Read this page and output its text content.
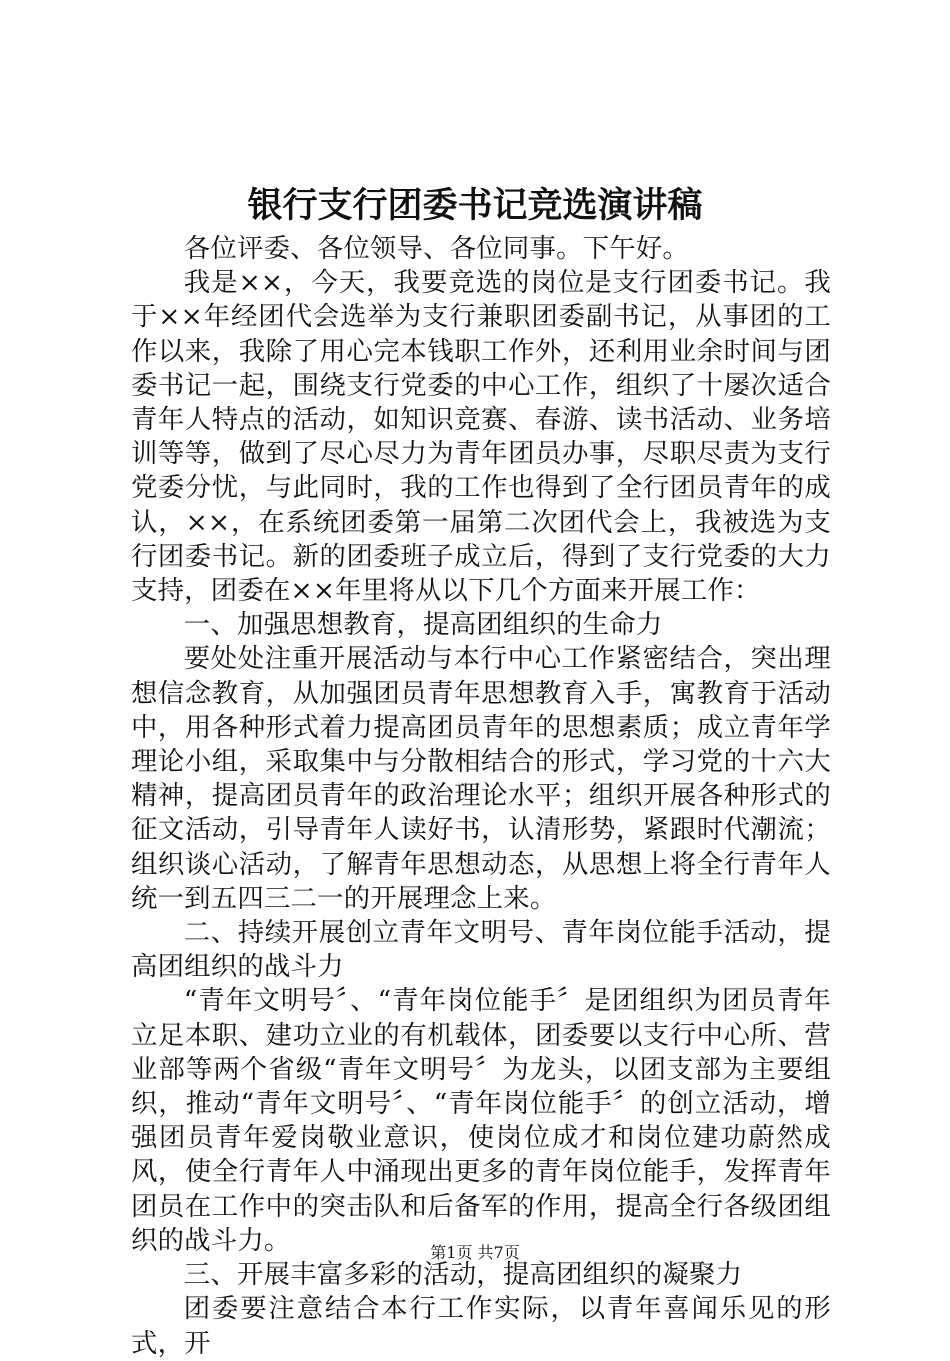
银行支行团委书记竞选演讲稿

各位评委、各位领导、各位同事。下午好。

我是××，今天，我要竞选的岗位是支行团委书记。我于××年经团代会选举为支行兼职团委副书记，从事团的工作以来，我除了用心完本钱职工作外，还利用业余时间与团委书记一起，围绕支行党委的中心工作，组织了十屡次适合青年人特点的活动，如知识竞赛、春游、读书活动、业务培训等等，做到了尽心尽力为青年团员办事，尽职尽责为支行党委分忧，与此同时，我的工作也得到了全行团员青年的成认，××，在系统团委第一届第二次团代会上，我被选为支行团委书记。新的团委班子成立后，得到了支行党委的大力支持，团委在××年里将从以下几个方面来开展工作：

一、加强思想教育，提高团组织的生命力

要处处注重开展活动与本行中心工作紧密结合，突出理想信念教育，从加强团员青年思想教育入手，寓教育于活动中，用各种形式着力提高团员青年的思想素质；成立青年学理论小组，采取集中与分散相结合的形式，学习党的十六大精神，提高团员青年的政治理论水平；组织开展各种形式的征文活动，引导青年人读好书，认清形势，紧跟时代潮流；组织谈心活动，了解青年思想动态，从思想上将全行青年人统一到五四三二一的开展理念上来。

二、持续开展创立青年文明号、青年岗位能手活动，提高团组织的战斗力

“青年文明号〞、“青年岗位能手〞是团组织为团员青年立足本职、建功立业的有机载体，团委要以支行中心所、营业部等两个省级“青年文明号〞为龙头，以团支部为主要组织，推动“青年文明号〞、“青年岗位能手〞的创立活动，增强团员青年爱岗敬业意识，使岗位成才和岗位建功蔚然成风，使全行青年人中涌现出更多的青年岗位能手，发挥青年团员在工作中的突击队和后备军的作用，提高全行各级团组织的战斗力。

三、开展丰富多彩的活动，提高团组织的凝聚力

团委要注意结合本行工作实际，以青年喜闻乐见的形式，开

第1页 共7页
